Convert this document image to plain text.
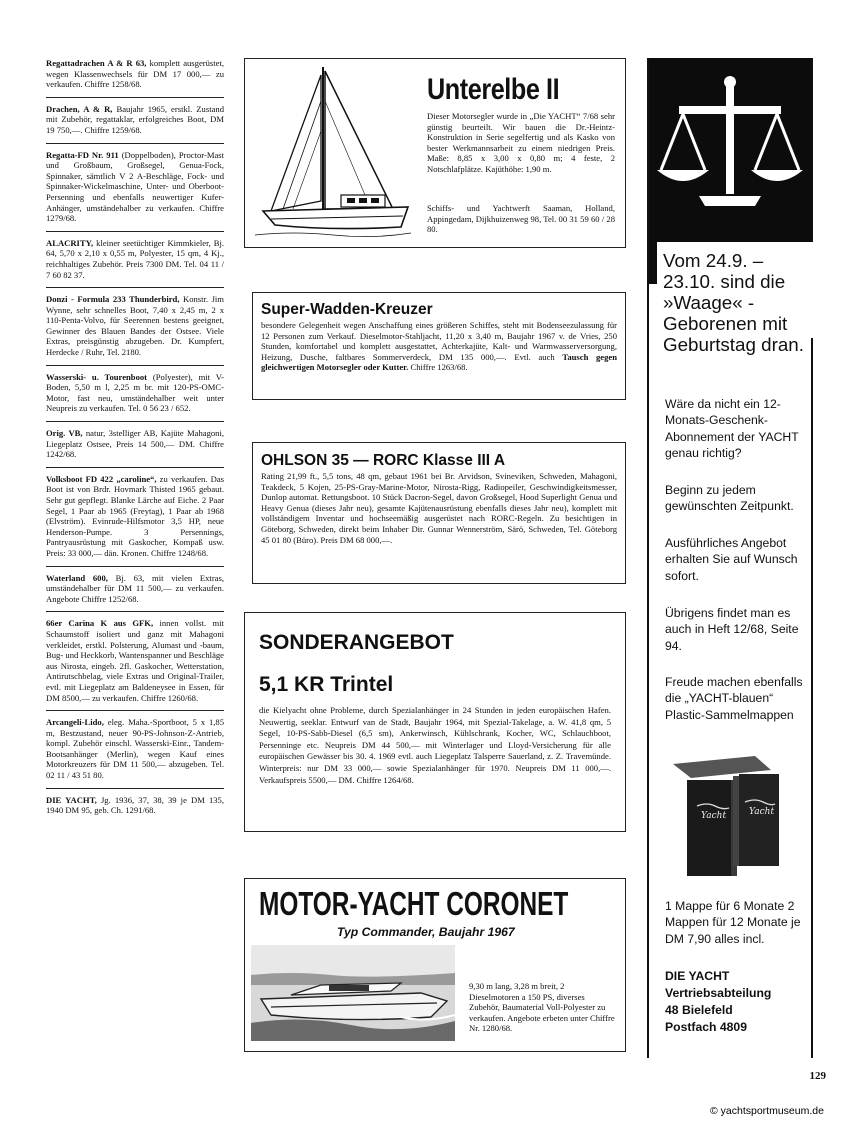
Regattadrachen A & R 63, komplett ausgerüstet, wegen Klassenwechsels für DM 17 000,— zu verkaufen. Chiffre 1258/68.
Drachen, A & R, Baujahr 1965, erstkl. Zustand mit Zubehör, regattaklar, erfolgreiches Boot, DM 19 750,—. Chiffre 1259/68.
Regatta-FD Nr. 911 (Doppelboden), Proctor-Mast und Großbaum, Großsegel, Genua-Fock, Spinnaker, sämtlich V 2 A-Beschläge, Fock- und Spinnaker-Wickelmaschine, Unter- und Oberboot-Persenning und ebenfalls neuwertiger Kufer-Anhänger, umständehalber zu verkaufen. Chiffre 1279/68.
ALACRITY, kleiner seetüchtiger Kimmkieler, Bj. 64, 5,70 x 2,10 x 0,55 m, Polyester, 15 qm, 4 Kj., reichhaltiges Zubehör. Preis 7300 DM. Tel. 04 11 / 7 60 82 37.
Donzi - Formula 233 Thunderbird, Konstr. Jim Wynne, sehr schnelles Boot, 7,40 x 2,45 m, 2 x 110-Penta-Volvo, für Seerennen bestens geeignet, Gewinner des Blauen Bandes der Ostsee. Viele Extras, preisgünstig abzugeben. Dr. Kumpfert, Herdecke / Ruhr, Tel. 2180.
Wasserski- u. Tourenboot (Polyester), mit V-Boden, 5,50 m l, 2,25 m br. mit 120-PS-OMC-Motor, fast neu, umständehalber weit unter Neupreis zu verkaufen. Tel. 0 56 23 / 652.
Orig. VB, natur, 3stelliger AB, Kajüte Mahagoni, Liegeplatz Ostsee, Preis 14 500,— DM. Chiffre 1242/68.
Volksboot FD 422 „caroline“, zu verkaufen. Das Boot ist von Brdr. Hovmark Thisted 1965 gebaut. Sehr gut gepflegt. Blanke Lärche auf Eiche. 2 Paar Segel, 1 Paar ab 1965 (Freytag), 1 Paar ab 1968 (Elvström). Evinrude-Hilfsmotor 3,5 HP, neue Henderson-Pumpe. 3 Persennings, Pantryausrüstung mit Gaskocher, Kompaß usw. Preis: 33 000,— dän. Kronen. Chiffre 1248/68.
Waterland 600, Bj. 63, mit vielen Extras, umständehalber für DM 11 500,— zu verkaufen. Angebote Chiffre 1252/68.
66er Carina K aus GFK, innen vollst. mit Schaumstoff isoliert und ganz mit Mahagoni verkleidet, erstkl. Polsterung, Alumast und -baum, Bug- und Heckkorb, Wantenspanner und Beschläge aus Nirosta, eingeb. 2fl. Gaskocher, Wetterstation, Antirutschbelag, viele Extras und Original-Trailer, evtl. mit Liegeplatz am Baldeneysee in Essen, für DM 8500,— zu verkaufen. Chiffre 1260/68.
Arcangeli-Lido, eleg. Maha.-Sportboot, 5 x 1,85 m, Bestzustand, neuer 90-PS-Johnson-Z-Antrieb, kompl. Zubehör einschl. Wasserski-Einr., Tandem-Bootsanhänger (Merlin), wegen Kauf eines Motorkreuzers für DM 11 500,— abzugeben. Tel. 02 11 / 43 51 80.
DIE YACHT, Jg. 1936, 37, 38, 39 je DM 135, 1940 DM 95, geb. Ch. 1291/68.
Unterelbe II
Dieser Motorsegler wurde in „Die YACHT“ 7/68 sehr günstig beurteilt. Wir bauen die Dr.-Heintz-Konstruktion in Serie segelfertig und als Kasko von bester Werkmannsarbeit zu einem niedrigen Preis. Maße: 8,85 x 3,00 x 0,80 m; 4 feste, 2 Notschlafplätze. Kajüthöhe: 1,90 m.
Schiffs- und Yachtwerft Saaman, Holland, Appingedam, Dijkhuizenweg 98, Tel. 00 31 59 60 / 28 80.
Super-Wadden-Kreuzer
besondere Gelegenheit wegen Anschaffung eines größeren Schiffes, steht mit Bodenseezulassung für 12 Personen zum Verkauf. Dieselmotor-Stahljacht, 11,20 x 3,40 m, Baujahr 1967 v. de Vries, 250 Stunden, komfortabel und komplett ausgestattet, Achterkajüte, Kalt- und Warmwasserversorgung, Heizung, Dusche, faltbares Sommerverdeck, DM 135 000,—. Evtl. auch Tausch gegen gleichwertigen Motorsegler oder Kutter. Chiffre 1263/68.
OHLSON 35 — RORC Klasse III A
Rating 21,99 ft., 5,5 tons, 48 qm, gebaut 1961 bei Br. Arvidson, Svineviken, Schweden, Mahagoni, Teakdeck, 5 Kojen, 25-PS-Gray-Marine-Motor, Nirosta-Rigg, Radiopeiler, Geschwindigkeitsmesser, Dunlop automat. Rettungsboot. 10 Stück Dacron-Segel, davon Großsegel, Hood Superlight Genua und Heavy Genua (dieses Jahr neu), gesamte Kajütenausrüstung ebenfalls dieses Jahr neu), komplett mit vollständigem Inventar und hochseemäßig ausgerüstet nach RORC-Regeln. Zu besichtigen in Göteborg, Schweden, direkt beim Inhaber Dir. Gunnar Wennerström, Särö, Schweden, Tel. Göteborg 45 01 80 (Büro). Preis DM 68 000,—.
SONDERANGEBOT
5,1 KR Trintel
die Kielyacht ohne Probleme, durch Spezialanhänger in 24 Stunden in jeden europäischen Hafen. Neuwertig, seeklar. Entwurf van de Stadt, Baujahr 1964, mit Spezial-Takelage, a. W. 41,8 qm, 5 Segel, 10-PS-Sabb-Diesel (6,5 sm), Ankerwinsch, Kühlschrank, Kocher, WC, Schlauchboot, Persenninge etc. Neupreis DM 44 500,— mit Winterlager und Lloyd-Versicherung für alle europäischen Gewässer bis 30. 4. 1969 evtl. auch Liegeplatz Talsperre Sauerland, z. Z. Travemünde. Winterpreis: nur DM 33 000,— sowie Spezialanhänger für 1970. Neupreis DM 11 000,—. Verkaufspreis 5500,— DM. Chiffre 1264/68.
MOTOR-YACHT CORONET
Typ Commander, Baujahr 1967
9,30 m lang, 3,28 m breit, 2 Dieselmotoren a 150 PS, diverses Zubehör, Baumaterial Voll-Polyester zu verkaufen. Angebote erbeten unter Chiffre Nr. 1280/68.
Vom 24.9. – 23.10. sind die »Waage« - Geborenen mit Geburtstag dran.
Wäre da nicht ein 12-Monats-Geschenk-Abonnement der YACHT genau richtig?
Beginn zu jedem gewünschten Zeitpunkt.
Ausführliches Angebot erhalten Sie auf Wunsch sofort.
Übrigens findet man es auch in Heft 12/68, Seite 94.
Freude machen ebenfalls die „YACHT-blauen“ Plastic-Sammelmappen
Yacht	Yacht
1 Mappe für 6 Monate 2 Mappen für 12 Monate je DM 7,90 alles incl.
DIE YACHT
Vertriebsabteilung
48 Bielefeld
Postfach 4809
129
© yachtsportmuseum.de
